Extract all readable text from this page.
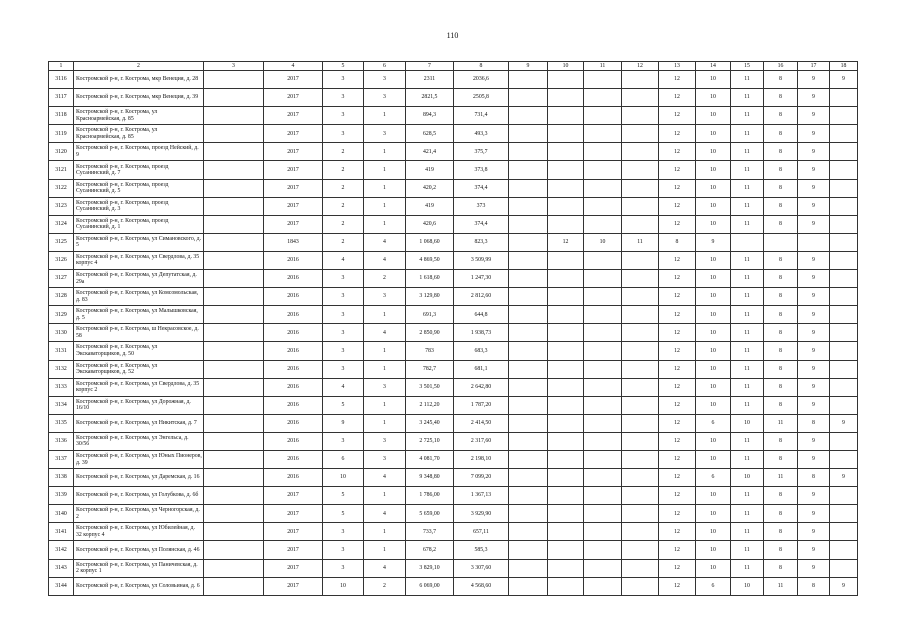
110
1	2	3	4	5	6	7	8	9	10	11	12	13	14	15	16	17	18
3116	Костромской р-н, г. Кострома, мкр Венеция, д. 28		2017	3	3	2311	2036,6					12	10	11	8	9	9
3117	Костромской р-н, г. Кострома, мкр Венеция, д. 39		2017	3	3	2821,5	2505,8					12	10	11	8	9	
3118	Костромской р-н, г. Кострома, ул Красноармейская, д. 85		2017	3	1	894,3	731,4					12	10	11	8	9	
3119	Костромской р-н, г. Кострома, ул Красноармейская, д. 85		2017	3	3	628,5	493,3					12	10	11	8	9	
3120	Костромской р-н, г. Кострома, проезд Нейский, д. 9		2017	2	1	421,4	375,7					12	10	11	8	9	
3121	Костромской р-н, г. Кострома, проезд Сусанинский, д. 7		2017	2	1	419	373,8					12	10	11	8	9	
3122	Костромской р-н, г. Кострома, проезд Сусанинский, д. 5		2017	2	1	420,2	374,4					12	10	11	8	9	
3123	Костромской р-н, г. Кострома, проезд Сусанинский, д. 3		2017	2	1	419	373					12	10	11	8	9	
3124	Костромской р-н, г. Кострома, проезд Сусанинский, д. 1		2017	2	1	420,6	374,4					12	10	11	8	9	
3125	Костромской р-н, г. Кострома, ул Симановского, д. 5		1843	2	4	1 068,60	823,3		12	10	11	8	9				
3126	Костромской р-н, г. Кострома, ул Свердлова, д. 35 корпус 4		2016	4	4	4 869,50	3 509,99					12	10	11	8	9	
3127	Костромской р-н, г. Кострома, ул Депутатская, д. 29а		2016	3	2	1 618,60	1 247,30					12	10	11	8	9	
3128	Костромской р-н, г. Кострома, ул Комсомольская, д. 83		2016	3	3	3 129,80	2 812,60					12	10	11	8	9	
3129	Костромской р-н, г. Кострома, ул Малышковская, д. 5		2016	3	1	691,3	644,8					12	10	11	8	9	
3130	Костромской р-н, г. Кострома, ш Некрасовское, д. 58		2016	3	4	2 850,90	1 938,73					12	10	11	8	9	
3131	Костромской р-н, г. Кострома, ул Экскаваторщиков, д. 50		2016	3	1	783	683,3					12	10	11	8	9	
3132	Костромской р-н, г. Кострома, ул Экскаваторщиков, д. 52		2016	3	1	782,7	681,1					12	10	11	8	9	
3133	Костромской р-н, г. Кострома, ул Свердлова, д. 35 корпус 2		2016	4	3	3 501,50	2 642,80					12	10	11	8	9	
3134	Костромской р-н, г. Кострома, ул Дорожная, д. 16/10		2016	5	1	2 112,20	1 787,20					12	10	11	8	9	
3135	Костромской р-н, г. Кострома, ул Никитская, д. 7		2016	9	1	3 245,40	2 414,50					12	6	10	11	8	9
3136	Костромской р-н, г. Кострома, ул Энгельса, д. 30/56		2016	3	3	2 725,10	2 317,60					12	10	11	8	9	
3137	Костромской р-н, г. Кострома, ул Юных Пионеров, д. 39		2016	6	3	4 081,70	2 198,10					12	10	11	8	9	
3138	Костромской р-н, г. Кострома, ул Даремская, д. 16		2016	10	4	9 348,80	7 099,20					12	6	10	11	8	9
3139	Костромской р-н, г. Кострома, ул Голубкова, д. 6б		2017	5	1	1 786,00	1 367,13					12	10	11	8	9	
3140	Костромской р-н, г. Кострома, ул Черногорская, д. 2		2017	5	4	5 659,00	3 929,90					12	10	11	8	9	
3141	Костромской р-н, г. Кострома, ул Юбилейная, д. 32 корпус 4		2017	3	1	733,7	657,11					12	10	11	8	9	
3142	Костромской р-н, г. Кострома, ул Полянская, д. 46		2017	3	1	678,2	585,3					12	10	11	8	9	
3143	Костромской р-н, г. Кострома, ул Паничевская, д. 2 корпус 1		2017	3	4	3 829,10	3 307,60					12	10	11	8	9	
3144	Костромской р-н, г. Кострома, ул Соловьиная, д. 6		2017	10	2	6 069,00	4 568,60					12	6	10	11	8	9
